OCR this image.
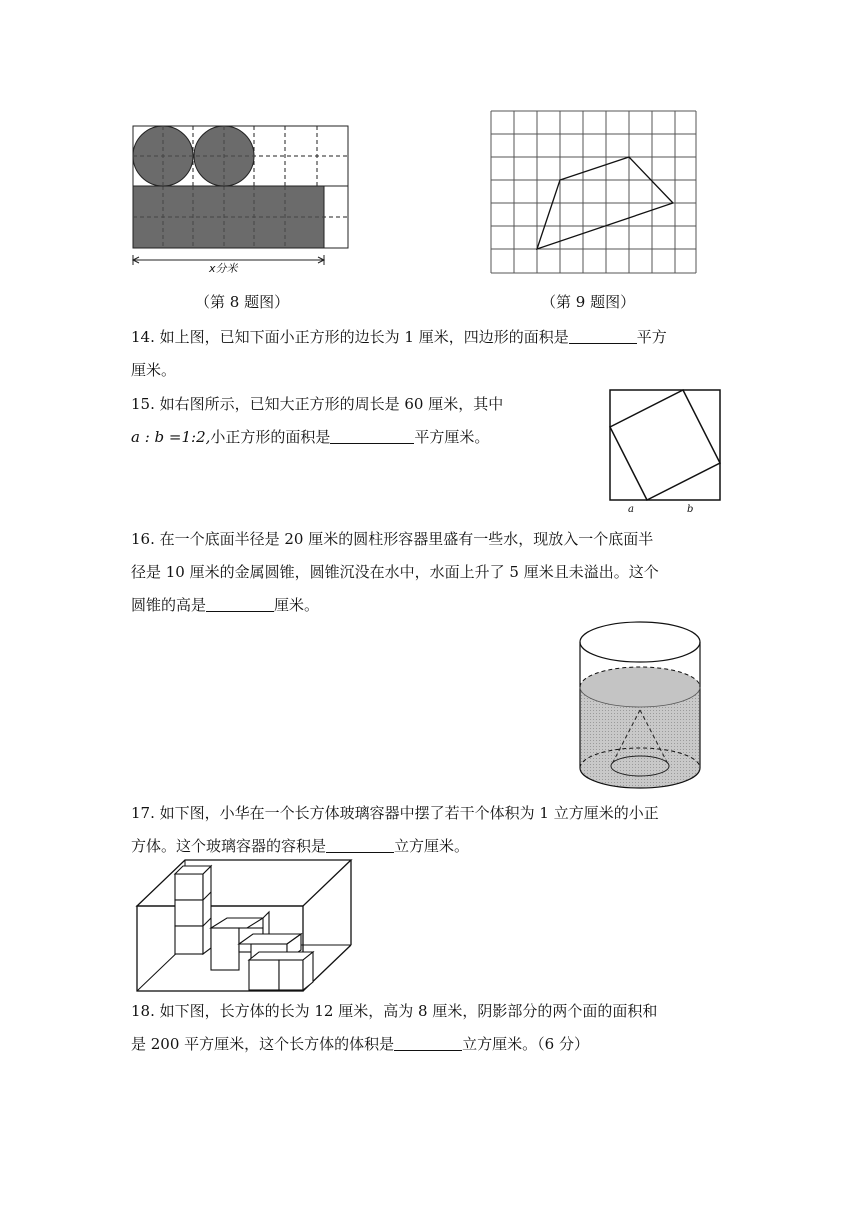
x分米
（第 8 题图）	（第 9 题图）
14. 如上图，已知下面小正方形的边长为 1 厘米，四边形的面积是	平方
厘米。
15. 如右图所示，已知大正方形的周长是 60 厘米，其中
a : b =1:2,小正方形的面积是	平方厘米。
a	b
16. 在一个底面半径是 20 厘米的圆柱形容器里盛有一些水，现放入一个底面半
径是 10 厘米的金属圆锥，圆锥沉没在水中，水面上升了 5 厘米且未溢出。这个
圆锥的高是	厘米。
17. 如下图，小华在一个长方体玻璃容器中摆了若干个体积为 1 立方厘米的小正
方体。这个玻璃容器的容积是	立方厘米。
18. 如下图，长方体的长为 12 厘米，高为 8 厘米，阴影部分的两个面的面积和
是 200 平方厘米，这个长方体的体积是	立方厘米。（6 分）
